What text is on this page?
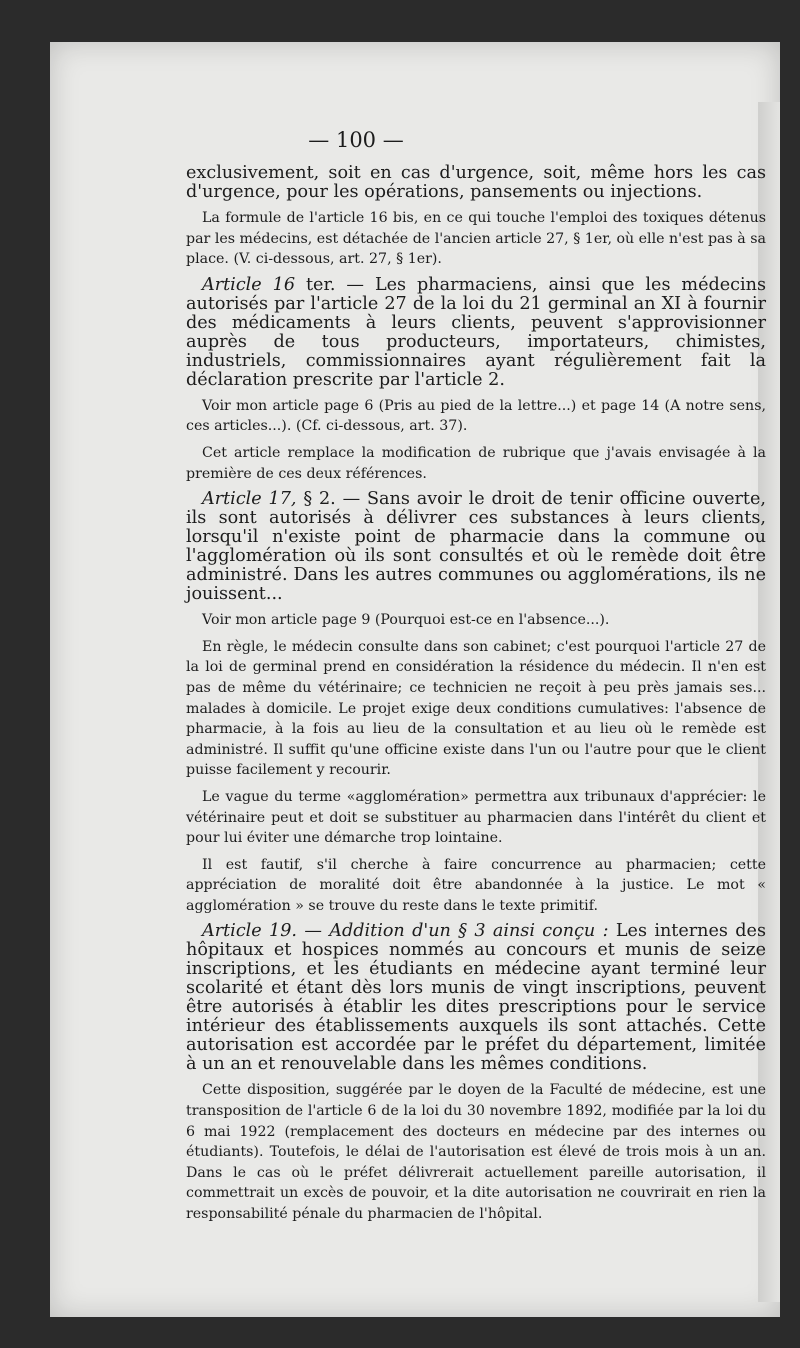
— 100 —

exclusivement, soit en cas d'urgence, soit, même hors les cas d'urgence, pour les opérations, pansements ou injections.

La formule de l'article 16 bis, en ce qui touche l'emploi des toxiques détenus par les médecins, est détachée de l'ancien article 27, § 1er, où elle n'est pas à sa place. (V. ci-dessous, art. 27, § 1er).

Article 16 ter. — Les pharmaciens, ainsi que les médecins autorisés par l'article 27 de la loi du 21 germinal an XI à fournir des médicaments à leurs clients, peuvent s'approvisionner auprès de tous producteurs, importateurs, chimistes, industriels, commissionnaires ayant régulièrement fait la déclaration prescrite par l'article 2.

Voir mon article page 6 (Pris au pied de la lettre...) et page 14 (A notre sens, ces articles...). (Cf. ci-dessous, art. 37).

Cet article remplace la modification de rubrique que j'avais envisagée à la première de ces deux références.

Article 17, § 2. — Sans avoir le droit de tenir officine ouverte, ils sont autorisés à délivrer ces substances à leurs clients, lorsqu'il n'existe point de pharmacie dans la commune ou l'agglomération où ils sont consultés et où le remède doit être administré. Dans les autres communes ou agglomérations, ils ne jouissent...

Voir mon article page 9 (Pourquoi est-ce en l'absence...).

En règle, le médecin consulte dans son cabinet; c'est pourquoi l'article 27 de la loi de germinal prend en considération la résidence du médecin. Il n'en est pas de même du vétérinaire; ce technicien ne reçoit à peu près jamais ses... malades à domicile. Le projet exige deux conditions cumulatives: l'absence de pharmacie, à la fois au lieu de la consultation et au lieu où le remède est administré. Il suffit qu'une officine existe dans l'un ou l'autre pour que le client puisse facilement y recourir.

Le vague du terme «agglomération» permettra aux tribunaux d'apprécier: le vétérinaire peut et doit se substituer au pharmacien dans l'intérêt du client et pour lui éviter une démarche trop lointaine.

Il est fautif, s'il cherche à faire concurrence au pharmacien; cette appréciation de moralité doit être abandonnée à la justice. Le mot « agglomération » se trouve du reste dans le texte primitif.

Article 19. — Addition d'un § 3 ainsi conçu : Les internes des hôpitaux et hospices nommés au concours et munis de seize inscriptions, et les étudiants en médecine ayant terminé leur scolarité et étant dès lors munis de vingt inscriptions, peuvent être autorisés à établir les dites prescriptions pour le service intérieur des établissements auxquels ils sont attachés. Cette autorisation est accordée par le préfet du département, limitée à un an et renouvelable dans les mêmes conditions.

Cette disposition, suggérée par le doyen de la Faculté de médecine, est une transposition de l'article 6 de la loi du 30 novembre 1892, modifiée par la loi du 6 mai 1922 (remplacement des docteurs en médecine par des internes ou étudiants). Toutefois, le délai de l'autorisation est élevé de trois mois à un an. Dans le cas où le préfet délivrerait actuellement pareille autorisation, il commettrait un excès de pouvoir, et la dite autorisation ne couvrirait en rien la responsabilité pénale du pharmacien de l'hôpital.
